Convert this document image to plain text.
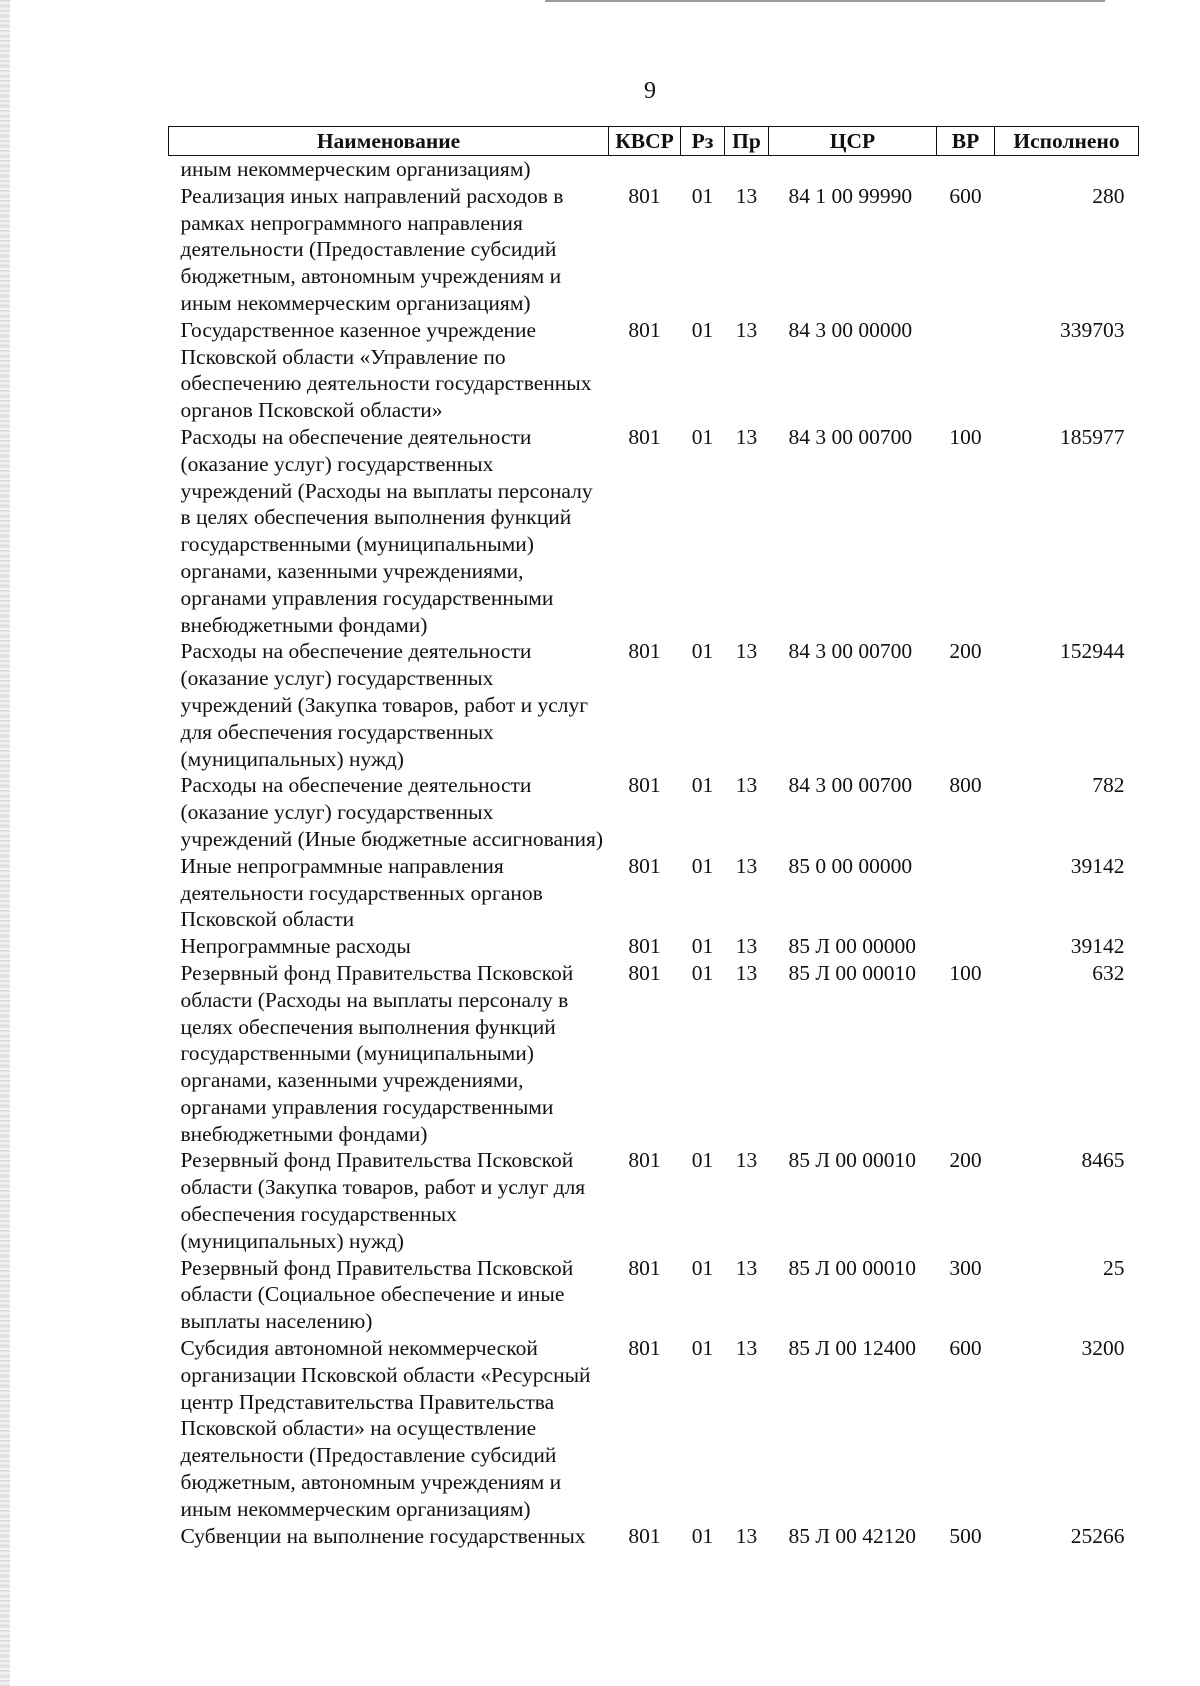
9
Наименование	КВСР	Рз	Пр	ЦСР	ВР	Исполнено
иным некоммерческим организациям)						
Реализация иных направлений расходов в рамках непрограммного направления деятельности (Предоставление субсидий бюджетным, автономным учреждениям и иным некоммерческим организациям)	801	01	13	84 1 00 99990	600	280
Государственное казенное учреждение Псковской области «Управление по обеспечению деятельности государственных органов Псковской области»	801	01	13	84 3 00 00000		339703
Расходы на обеспечение деятельности (оказание услуг) государственных учреждений (Расходы на выплаты персоналу в целях обеспечения выполнения функций государственными (муниципальными) органами, казенными учреждениями, органами управления государственными внебюджетными фондами)	801	01	13	84 3 00 00700	100	185977
Расходы на обеспечение деятельности (оказание услуг) государственных учреждений (Закупка товаров, работ и услуг для обеспечения государственных (муниципальных) нужд)	801	01	13	84 3 00 00700	200	152944
Расходы на обеспечение деятельности (оказание услуг) государственных учреждений (Иные бюджетные ассигнования)	801	01	13	84 3 00 00700	800	782
Иные непрограммные направления деятельности государственных органов Псковской области	801	01	13	85 0 00 00000		39142
Непрограммные расходы	801	01	13	85 Л 00 00000		39142
Резервный фонд Правительства Псковской области (Расходы на выплаты персоналу в целях обеспечения выполнения функций государственными (муниципальными) органами, казенными учреждениями, органами управления государственными внебюджетными фондами)	801	01	13	85 Л 00 00010	100	632
Резервный фонд Правительства Псковской области (Закупка товаров, работ и услуг для обеспечения государственных (муниципальных) нужд)	801	01	13	85 Л 00 00010	200	8465
Резервный фонд Правительства Псковской области (Социальное обеспечение и иные выплаты населению)	801	01	13	85 Л 00 00010	300	25
Субсидия автономной некоммерческой организации Псковской области «Ресурсный центр Представительства Правительства Псковской области» на осуществление деятельности (Предоставление субсидий бюджетным, автономным учреждениям и иным некоммерческим организациям)	801	01	13	85 Л 00 12400	600	3200
Субвенции на выполнение государственных	801	01	13	85 Л 00 42120	500	25266
